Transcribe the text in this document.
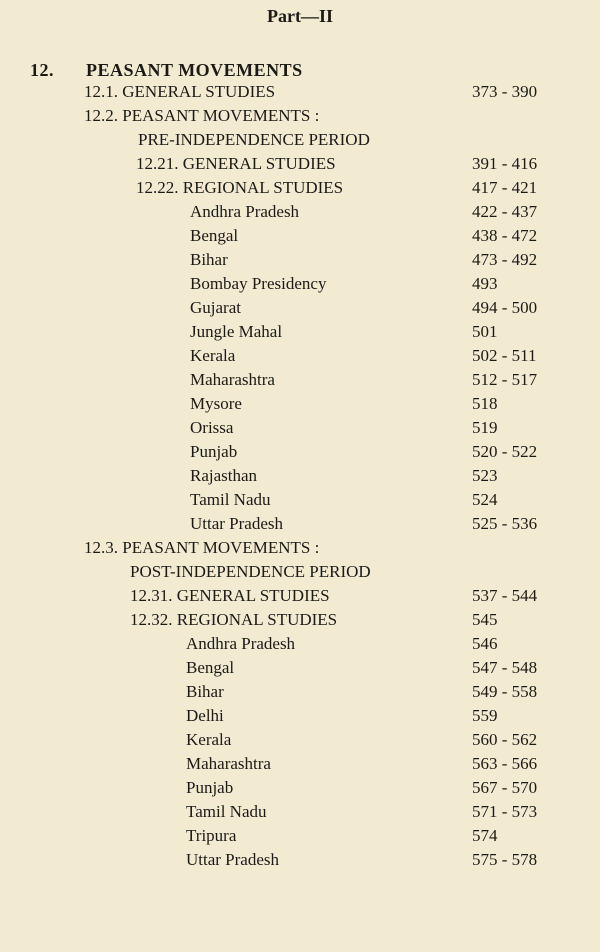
Part—II
12. PEASANT MOVEMENTS
12.1. GENERAL STUDIES	373 - 390
12.2. PEASANT MOVEMENTS :
PRE-INDEPENDENCE PERIOD
12.21. GENERAL STUDIES	391 - 416
12.22. REGIONAL STUDIES	417 - 421
Andhra Pradesh	422 - 437
Bengal	438 - 472
Bihar	473 - 492
Bombay Presidency	493
Gujarat	494 - 500
Jungle Mahal	501
Kerala	502 - 511
Maharashtra	512 - 517
Mysore	518
Orissa	519
Punjab	520 - 522
Rajasthan	523
Tamil Nadu	524
Uttar Pradesh	525 - 536
12.3. PEASANT MOVEMENTS :
POST-INDEPENDENCE PERIOD
12.31. GENERAL STUDIES	537 - 544
12.32. REGIONAL STUDIES	545
Andhra Pradesh	546
Bengal	547 - 548
Bihar	549 - 558
Delhi	559
Kerala	560 - 562
Maharashtra	563 - 566
Punjab	567 - 570
Tamil Nadu	571 - 573
Tripura	574
Uttar Pradesh	575 - 578
